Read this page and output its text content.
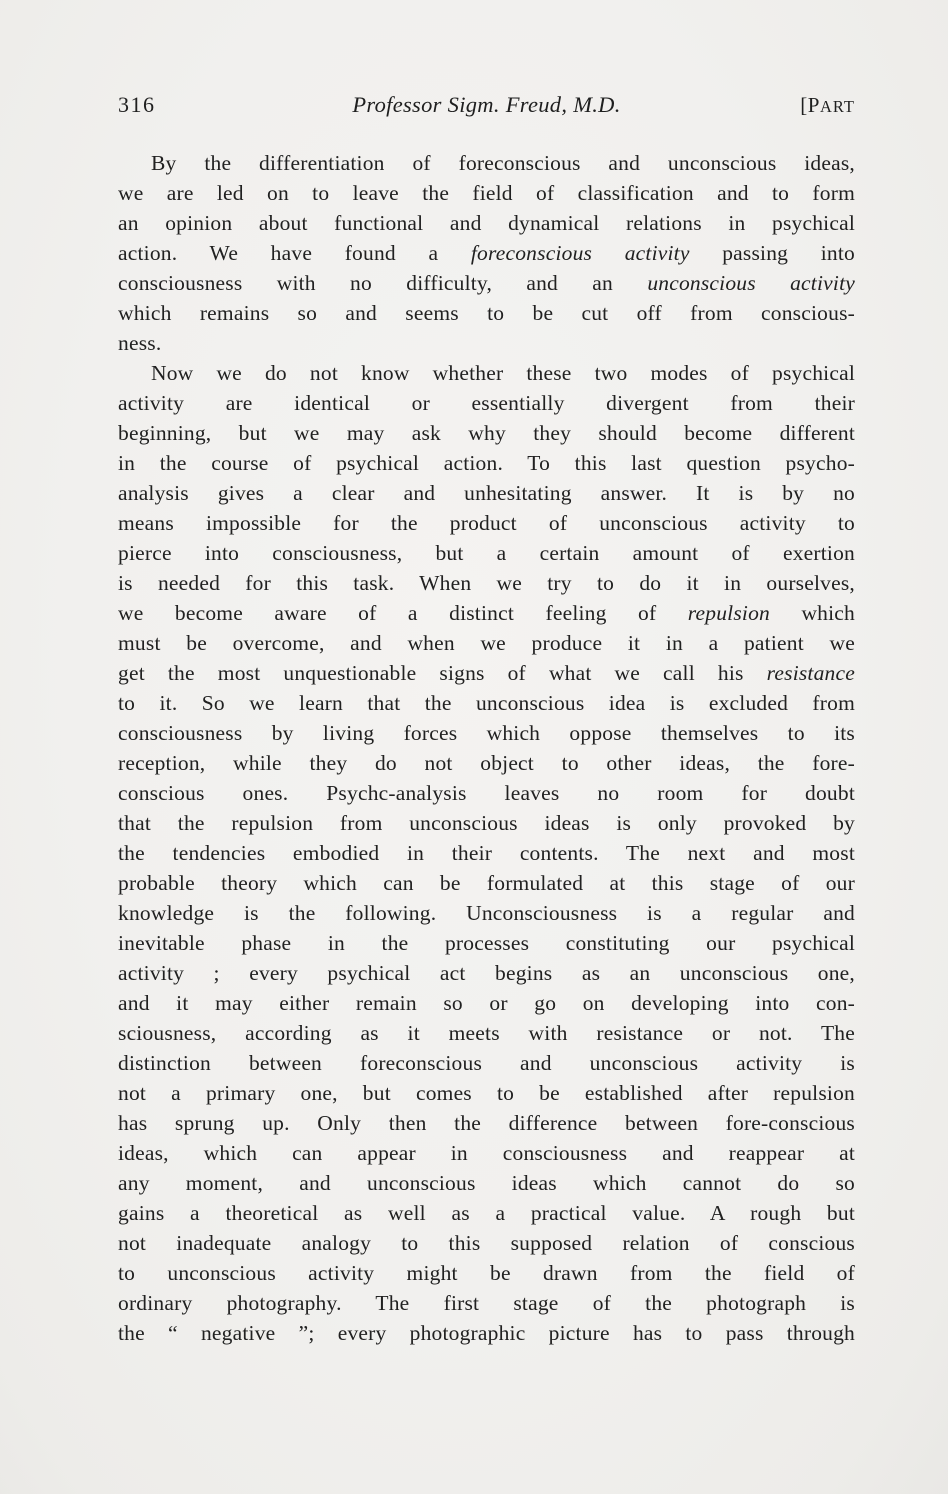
316	Professor Sigm. Freud, M.D.	[PART
By the differentiation of foreconscious and unconscious ideas,
we are led on to leave the field of classification and to form
an opinion about functional and dynamical relations in psychical
action. We have found a foreconscious activity passing into
consciousness with no difficulty, and an unconscious activity
which remains so and seems to be cut off from conscious-
ness.
Now we do not know whether these two modes of psychical
activity are identical or essentially divergent from their
beginning, but we may ask why they should become different
in the course of psychical action. To this last question psycho-
analysis gives a clear and unhesitating answer. It is by no
means impossible for the product of unconscious activity to
pierce into consciousness, but a certain amount of exertion
is needed for this task. When we try to do it in ourselves,
we become aware of a distinct feeling of repulsion which
must be overcome, and when we produce it in a patient we
get the most unquestionable signs of what we call his resistance
to it. So we learn that the unconscious idea is excluded from
consciousness by living forces which oppose themselves to its
reception, while they do not object to other ideas, the fore-
conscious ones. Psychc-analysis leaves no room for doubt
that the repulsion from unconscious ideas is only provoked by
the tendencies embodied in their contents. The next and most
probable theory which can be formulated at this stage of our
knowledge is the following. Unconsciousness is a regular and
inevitable phase in the processes constituting our psychical
activity ; every psychical act begins as an unconscious one,
and it may either remain so or go on developing into con-
sciousness, according as it meets with resistance or not. The
distinction between foreconscious and unconscious activity is
not a primary one, but comes to be established after repulsion
has sprung up. Only then the difference between fore-conscious
ideas, which can appear in consciousness and reappear at
any moment, and unconscious ideas which cannot do so
gains a theoretical as well as a practical value. A rough but
not inadequate analogy to this supposed relation of conscious
to unconscious activity might be drawn from the field of
ordinary photography. The first stage of the photograph is
the “ negative ”; every photographic picture has to pass through
